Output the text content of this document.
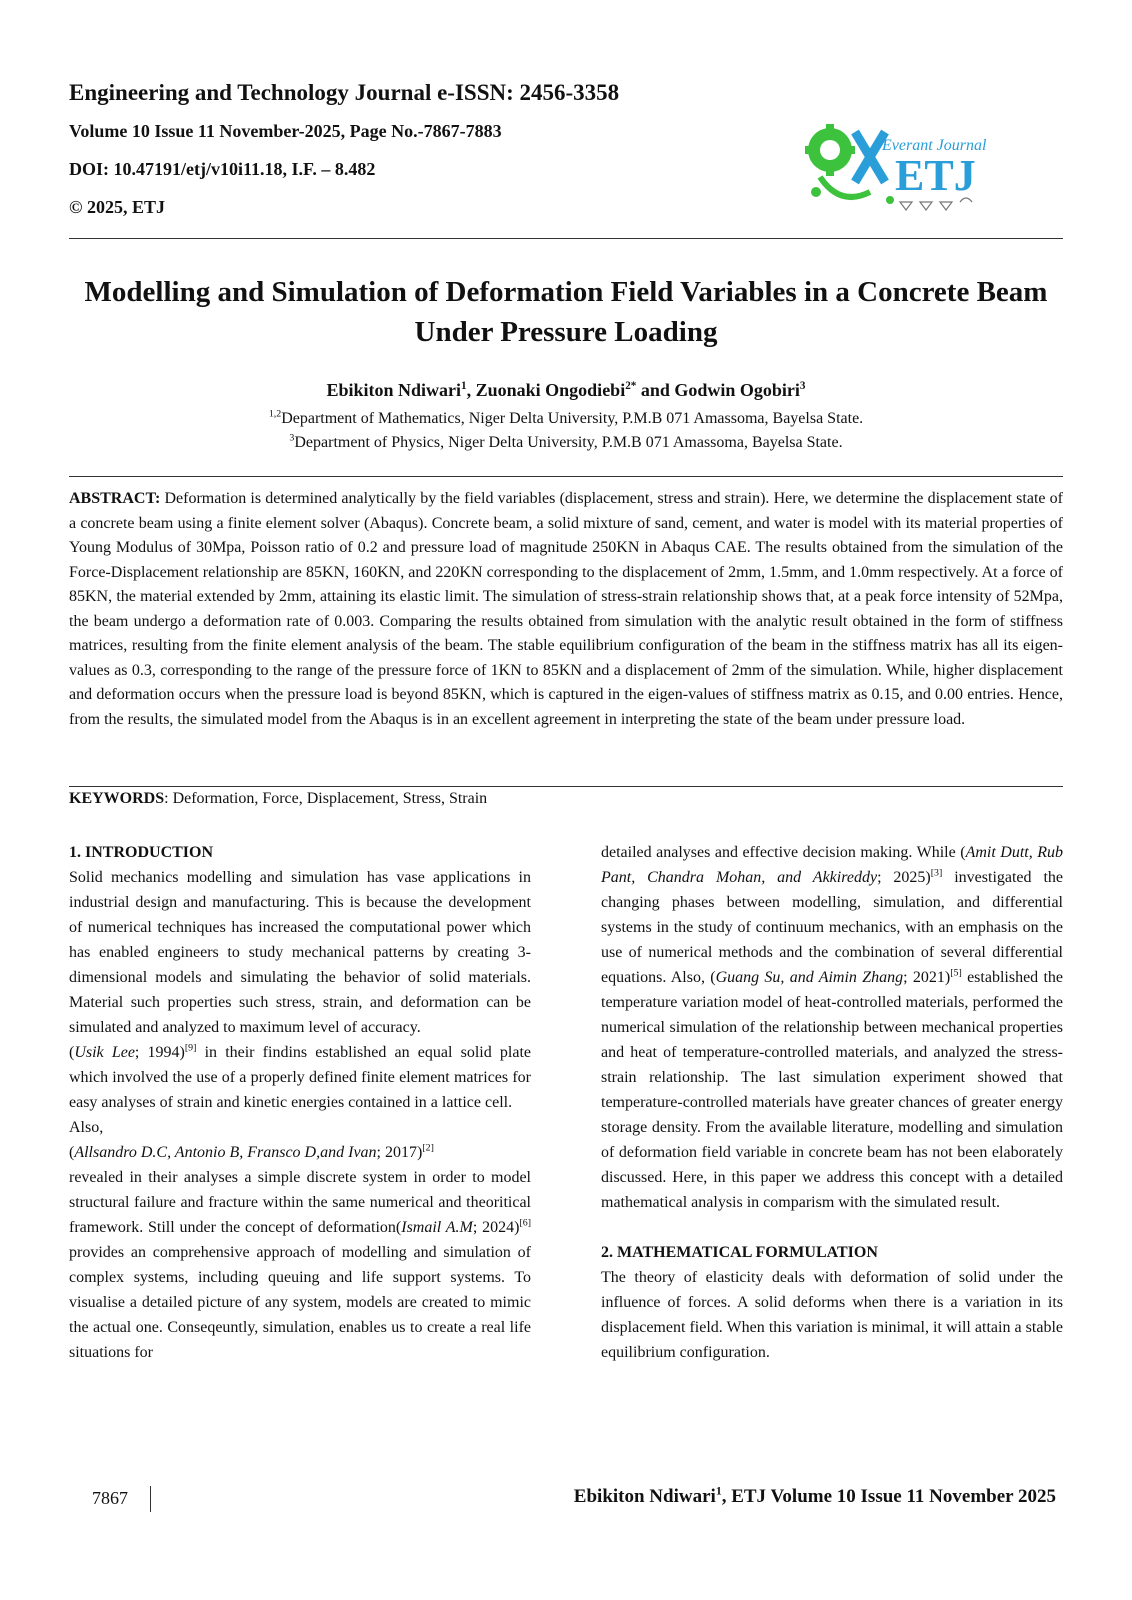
Engineering and Technology Journal e-ISSN: 2456-3358
Volume 10 Issue 11 November-2025, Page No.-7867-7883
DOI: 10.47191/etj/v10i11.18, I.F. – 8.482
© 2025, ETJ
Everant Journal
ETJ
Modelling and Simulation of Deformation Field Variables in a Concrete Beam Under Pressure Loading
Ebikiton Ndiwari$^1$, Zuonaki Ongodiebi$^{2*}$ and Godwin Ogobiri$^3$
$^{1,2}$Department of Mathematics, Niger Delta University, P.M.B 071 Amassoma, Bayelsa State.
$^3$Department of Physics, Niger Delta University, P.M.B 071 Amassoma, Bayelsa State.
ABSTRACT: Deformation is determined analytically by the field variables (displacement, stress and strain). Here, we determine the displacement state of a concrete beam using a finite element solver (Abaqus). Concrete beam, a solid mixture of sand, cement, and water is model with its material properties of Young Modulus of 30Mpa, Poisson ratio of 0.2 and pressure load of magnitude 250KN in Abaqus CAE. The results obtained from the simulation of the Force-Displacement relationship are 85KN, 160KN, and 220KN corresponding to the displacement of 2mm, 1.5mm, and 1.0mm respectively. At a force of 85KN, the material extended by 2mm, attaining its elastic limit. The simulation of stress-strain relationship shows that, at a peak force intensity of 52Mpa, the beam undergo a deformation rate of 0.003. Comparing the results obtained from simulation with the analytic result obtained in the form of stiffness matrices, resulting from the finite element analysis of the beam. The stable equilibrium configuration of the beam in the stiffness matrix has all its eigen-values as 0.3, corresponding to the range of the pressure force of 1KN to 85KN and a displacement of 2mm of the simulation. While, higher displacement and deformation occurs when the pressure load is beyond 85KN, which is captured in the eigen-values of stiffness matrix as 0.15, and 0.00 entries. Hence, from the results, the simulated model from the Abaqus is in an excellent agreement in interpreting the state of the beam under pressure load.
KEYWORDS: Deformation, Force, Displacement, Stress, Strain

1. INTRODUCTION

Solid mechanics modelling and simulation has vase applications in industrial design and manufacturing. This is because the development of numerical techniques has increased the computational power which has enabled engineers to study mechanical patterns by creating 3-dimensional models and simulating the behavior of solid materials. Material such properties such stress, strain, and deformation can be simulated and analyzed to maximum level of accuracy.

(Usik Lee; 1994)[9] in their findins established an equal solid plate which involved the use of a properly defined finite element matrices for easy analyses of strain and kinetic energies contained in a lattice cell.

Also,

(Allsandro D.C, Antonio B, Fransco D,and Ivan; 2017)[2]
revealed in their analyses a simple discrete system in order to model structural failure and fracture within the same numerical and theoritical framework. Still under the concept of deformation(Ismail A.M; 2024)[6] provides an comprehensive approach of modelling and simulation of complex systems, including queuing and life support systems. To visualise a detailed picture of any system, models are created to mimic the actual one. Conseqeuntly, simulation, enables us to create a real life situations for

detailed analyses and effective decision making. While (Amit Dutt, Rub Pant, Chandra Mohan, and Akkireddy; 2025)[3] investigated the changing phases between modelling, simulation, and differential systems in the study of continuum mechanics, with an emphasis on the use of numerical methods and the combination of several differential equations. Also, (Guang Su, and Aimin Zhang; 2021)[5] established the temperature variation model of heat-controlled materials, performed the numerical simulation of the relationship between mechanical properties and heat of temperature-controlled materials, and analyzed the stress-strain relationship. The last simulation experiment showed that temperature-controlled materials have greater chances of greater energy storage density. From the available literature, modelling and simulation of deformation field variable in concrete beam has not been elaborately discussed. Here, in this paper we address this concept with a detailed mathematical analysis in comparism with the simulated result.

2. MATHEMATICAL FORMULATION

The theory of elasticity deals with deformation of solid under the influence of forces. A solid deforms when there is a variation in its displacement field. When this variation is minimal, it will attain a stable equilibrium configuration.

7867	Ebikiton Ndiwari$^1$, ETJ Volume 10 Issue 11 November 2025
